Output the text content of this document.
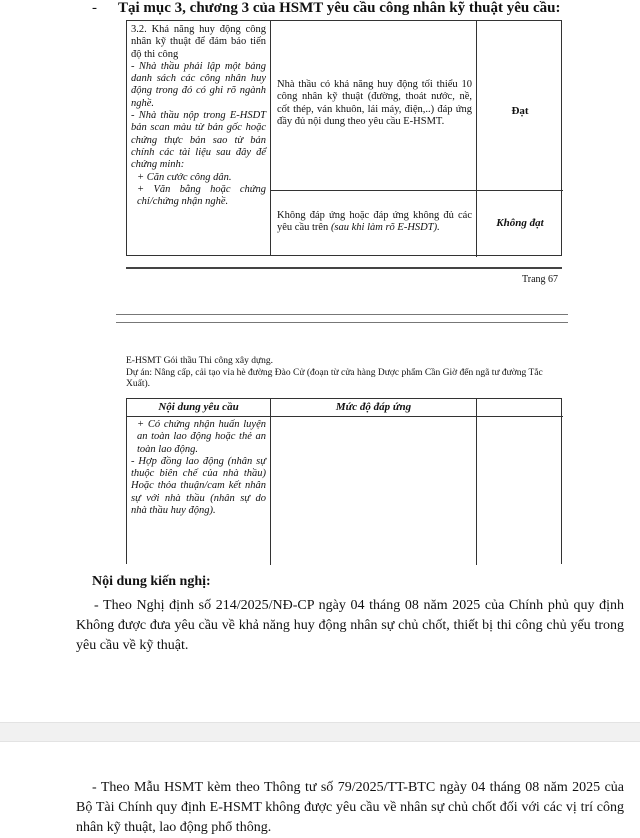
- Tại mục 3, chương 3 của HSMT yêu cầu công nhân kỹ thuật yêu cầu:

3.2. Khả năng huy động công nhân kỹ thuật để đảm bảo tiến độ thi công

- Nhà thầu phải lập một bảng danh sách các công nhân huy động trong đó có ghi rõ ngành nghề.

- Nhà thầu nộp trong E-HSDT bản scan màu từ bản gốc hoặc chứng thực bản sao từ bản chính các tài liệu sau đây để chứng minh:

+ Căn cước công dân.

+ Văn bằng hoặc chứng chỉ/chứng nhận nghề.

Nhà thầu có khả năng huy động tối thiểu 10 công nhân kỹ thuật (đường, thoát nước, nề, cốt thép, ván khuôn, lái máy, điện,..) đáp ứng đầy đủ nội dung theo yêu cầu E-HSMT.
Đạt
Không đáp ứng hoặc đáp ứng không đủ các yêu cầu trên (sau khi làm rõ E-HSDT).	Không đạt
Trang 67
E-HSMT Gói thầu Thi công xây dựng.
Dự án: Nâng cấp, cải tạo vỉa hè đường Đào Cử (đoạn từ cửa hàng Dược phẩm Cần Giờ đến ngã tư đường Tắc Xuất).
Nội dung yêu cầu	Mức độ đáp ứng

+ Có chứng nhận huấn luyện an toàn lao động hoặc thẻ an toàn lao động.

- Hợp đồng lao động (nhân sự thuộc biên chế của nhà thầu) Hoặc thỏa thuận/cam kết nhân sự với nhà thầu (nhân sự do nhà thầu huy động).

Nội dung kiến nghị:
- Theo Nghị định số 214/2025/NĐ-CP ngày 04 tháng 08 năm 2025 của Chính phủ quy định Không được đưa yêu cầu về khả năng huy động nhân sự chủ chốt, thiết bị thi công chủ yếu trong yêu cầu về kỹ thuật.
- Theo Mẫu HSMT kèm theo Thông tư số 79/2025/TT-BTC ngày 04 tháng 08 năm 2025 của Bộ Tài Chính quy định E-HSMT không được yêu cầu về nhân sự chủ chốt đối với các vị trí công nhân kỹ thuật, lao động phổ thông.
